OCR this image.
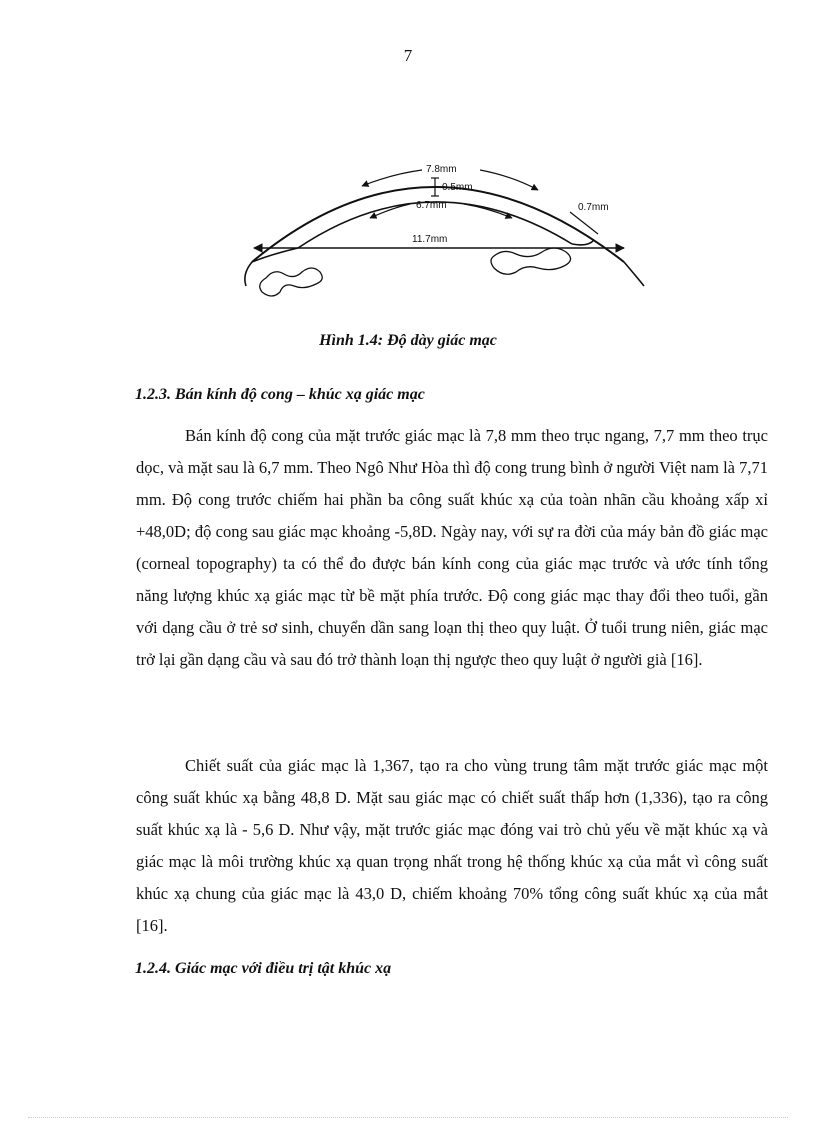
7
7.8mm
0.5mm
6.7mm	0.7mm
11.7mm
Hình 1.4: Độ dày giác mạc
1.2.3. Bán kính độ cong – khúc xạ giác mạc

Bán kính độ cong của mặt trước giác mạc là 7,8 mm theo trục ngang, 7,7 mm theo trục dọc, và mặt sau là 6,7 mm. Theo Ngô Như Hòa thì độ cong trung bình ở người Việt nam là 7,71 mm. Độ cong trước chiếm hai phần ba công suất khúc xạ của toàn nhãn cầu khoảng xấp xỉ +48,0D; độ cong sau giác mạc khoảng -5,8D. Ngày nay, với sự ra đời của máy bản đồ giác mạc (corneal topography) ta có thể đo được bán kính cong của giác mạc trước và ước tính tổng năng lượng khúc xạ giác mạc từ bề mặt phía trước. Độ cong giác mạc thay đổi theo tuổi, gần với dạng cầu ở trẻ sơ sinh, chuyển dần sang loạn thị theo quy luật. Ở tuổi trung niên, giác mạc trở lại gần dạng cầu và sau đó trở thành loạn thị ngược theo quy luật ở người già [16].

Chiết suất của giác mạc là 1,367, tạo ra cho vùng trung tâm mặt trước giác mạc một công suất khúc xạ bằng 48,8 D. Mặt sau giác mạc có chiết suất thấp hơn (1,336), tạo ra công suất khúc xạ là - 5,6 D. Như vậy, mặt trước giác mạc đóng vai trò chủ yếu về mặt khúc xạ và giác mạc là môi trường khúc xạ quan trọng nhất trong hệ thống khúc xạ của mắt vì công suất khúc xạ chung của giác mạc là 43,0 D, chiếm khoảng 70% tổng công suất khúc xạ của mắt [16].

1.2.4. Giác mạc với điều trị tật khúc xạ
